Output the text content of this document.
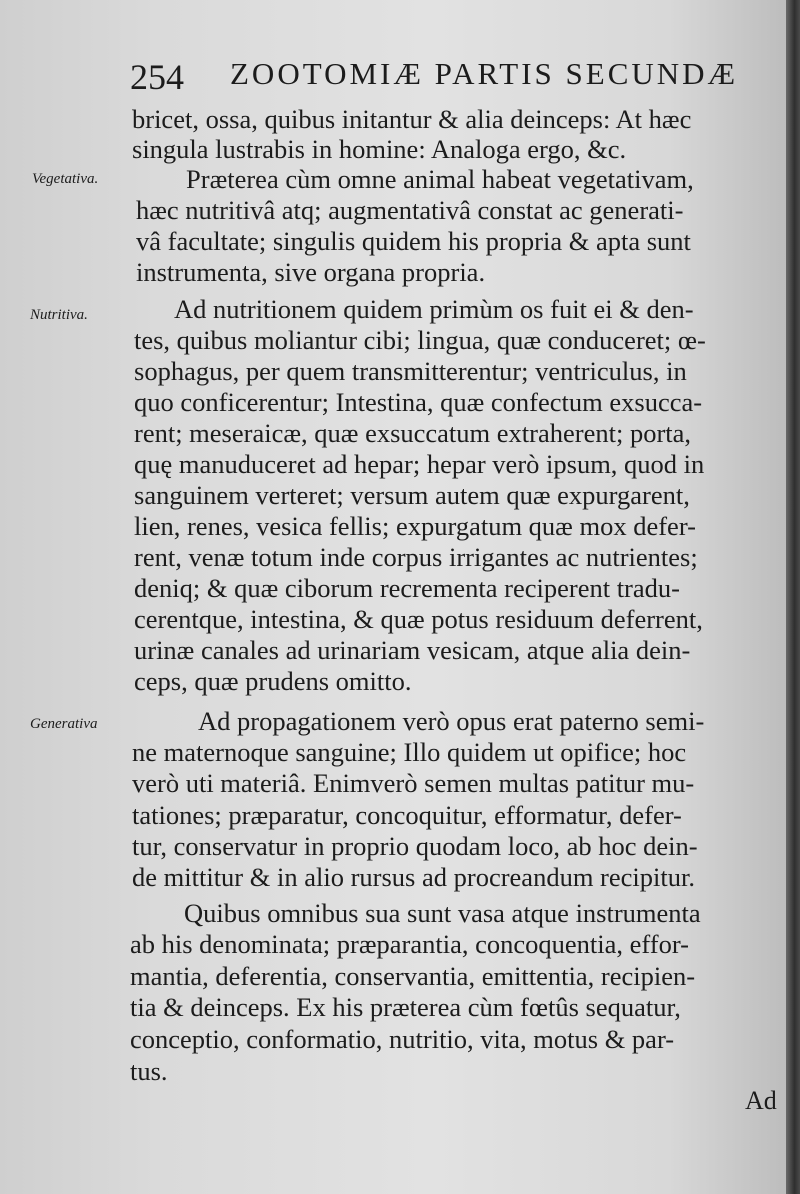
254 ZOOTOMIÆ PARTIS SECUNDÆ
Vegetativa.
Nutritiva.
Generativa
bricet, ossa, quibus initantur & alia deinceps: At hæc
singula lustrabis in homine: Analoga ergo, &c.
Præterea cùm omne animal habeat vegetativam,
hæc nutritivâ atq; augmentativâ constat ac generati-
vâ facultate; singulis quidem his propria & apta sunt
instrumenta, sive organa propria.
Ad nutritionem quidem primùm os fuit ei & den-
tes, quibus moliantur cibi; lingua, quæ conduceret; œ-
sophagus, per quem transmitterentur; ventriculus, in
quo conficerentur; Intestina, quæ confectum exsucca-
rent; meseraicæ, quæ exsuccatum extraherent; porta,
quę manuduceret ad hepar; hepar verò ipsum, quod in
sanguinem verteret; versum autem quæ expurgarent,
lien, renes, vesica fellis; expurgatum quæ mox defer-
rent, venæ totum inde corpus irrigantes ac nutrientes;
deniq; & quæ ciborum recrementa reciperent tradu-
cerentque, intestina, & quæ potus residuum deferrent,
urinæ canales ad urinariam vesicam, atque alia dein-
ceps, quæ prudens omitto.
Ad propagationem verò opus erat paterno semi-
ne maternoque sanguine; Illo quidem ut opifice; hoc
verò uti materiâ. Enimverò semen multas patitur mu-
tationes; præparatur, concoquitur, efformatur, defer-
tur, conservatur in proprio quodam loco, ab hoc dein-
de mittitur & in alio rursus ad procreandum recipitur.
Quibus omnibus sua sunt vasa atque instrumenta
ab his denominata; præparantia, concoquentia, effor-
mantia, deferentia, conservantia, emittentia, recipien-
tia & deinceps. Ex his præterea cùm fœtûs sequatur,
conceptio, conformatio, nutritio, vita, motus & par-
tus.
Ad
